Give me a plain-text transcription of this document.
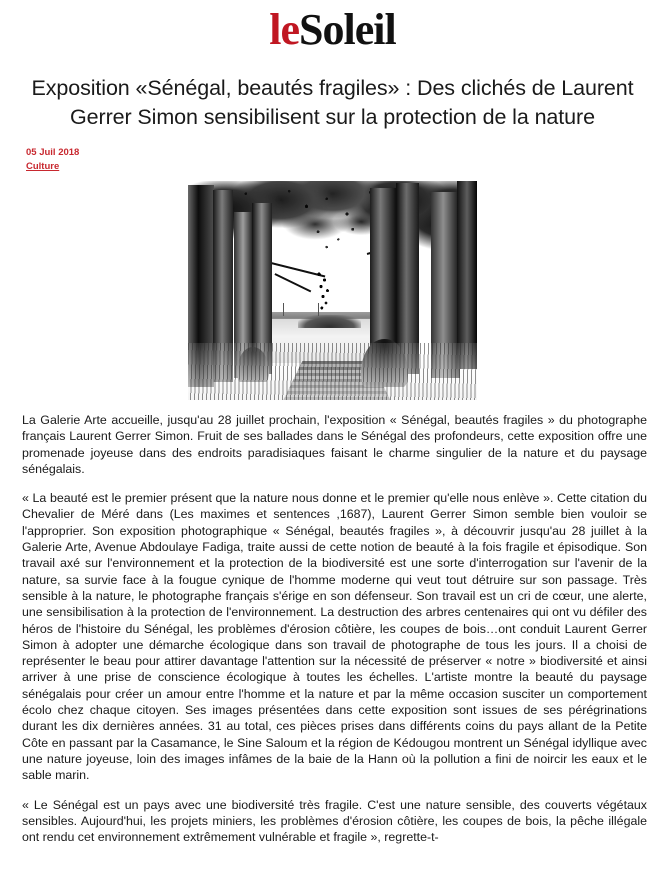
leSoleil
Exposition «Sénégal, beautés fragiles» : Des clichés de Laurent Gerrer Simon sensibilisent sur la protection de la nature
05 Juil 2018
Culture

La Galerie Arte accueille, jusqu'au 28 juillet prochain, l'exposition « Sénégal, beautés fragiles » du photographe français Laurent Gerrer Simon. Fruit de ses ballades dans le Sénégal des profondeurs, cette exposition offre une promenade joyeuse dans des endroits paradisiaques faisant le charme singulier de la nature et du paysage sénégalais.

« La beauté est le premier présent que la nature nous donne et le premier qu'elle nous enlève ». Cette citation du Chevalier de Méré dans (Les maximes et sentences ,1687), Laurent Gerrer Simon semble bien vouloir se l'approprier. Son exposition photographique « Sénégal, beautés fragiles », à découvrir jusqu'au 28 juillet à la Galerie Arte, Avenue Abdoulaye Fadiga, traite aussi de cette notion de beauté à la fois fragile et épisodique. Son travail axé sur l'environnement et la protection de la biodiversité est une sorte d'interrogation sur l'avenir de la nature, sa survie face à la fougue cynique de l'homme moderne qui veut tout détruire sur son passage. Très sensible à la nature, le photographe français s'érige en son défenseur. Son travail est un cri de cœur, une alerte, une sensibilisation à la protection de l'environnement. La destruction des arbres centenaires qui ont vu défiler des héros de l'histoire du Sénégal, les problèmes d'érosion côtière, les coupes de bois…ont conduit Laurent Gerrer Simon à adopter une démarche écologique dans son travail de photographe de tous les jours. Il a choisi de représenter le beau pour attirer davantage l'attention sur la nécessité de préserver « notre » biodiversité et ainsi arriver à une prise de conscience écologique à toutes les échelles. L'artiste montre la beauté du paysage sénégalais pour créer un amour entre l'homme et la nature et par la même occasion susciter un comportement écolo chez chaque citoyen. Ses images présentées dans cette exposition sont issues de ses pérégrinations durant les dix dernières années. 31 au total, ces pièces prises dans différents coins du pays allant de la Petite Côte en passant par la Casamance, le Sine Saloum et la région de Kédougou montrent un Sénégal idyllique avec une nature joyeuse, loin des images infâmes de la baie de la Hann où la pollution a fini de noircir les eaux et le sable marin.

« Le Sénégal est un pays avec une biodiversité très fragile. C'est une nature sensible, des couverts végétaux sensibles. Aujourd'hui, les projets miniers, les problèmes d'érosion côtière, les coupes de bois, la pêche illégale ont rendu cet environnement extrêmement vulnérable et fragile », regrette-t-
